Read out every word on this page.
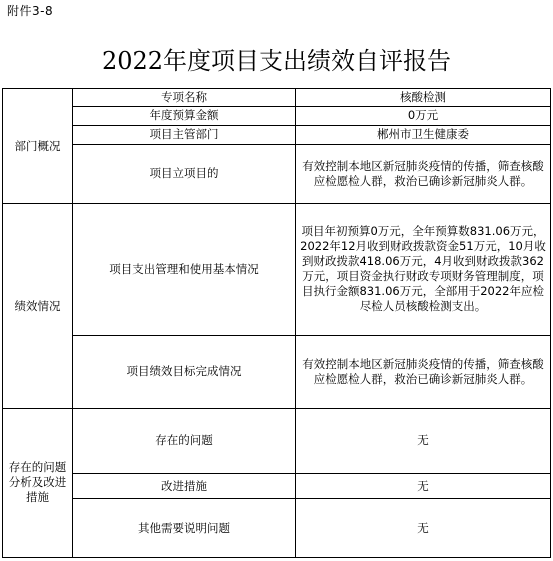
附件3-8
2022年度项目支出绩效自评报告
部门概况	专项名称	核酸检测
	年度预算金额	0万元
	项目主管部门	郴州市卫生健康委
	项目立项目的	有效控制本地区新冠肺炎疫情的传播，筛查核酸应检愿检人群，救治已确诊新冠肺炎人群。
绩效情况	项目支出管理和使用基本情况	项目年初预算0万元，全年预算数831.06万元，2022年12月收到财政拨款资金51万元，10月收到财政拨款418.06万元，4月收到财政拨款362万元，项目资金执行财政专项财务管理制度，项目执行金额831.06万元，全部用于2022年应检尽检人员核酸检测支出。
	项目绩效目标完成情况	有效控制本地区新冠肺炎疫情的传播，筛查核酸应检愿检人群，救治已确诊新冠肺炎人群。
存在的问题分析及改进措施	存在的问题	无
	改进措施	无
	其他需要说明问题	无
